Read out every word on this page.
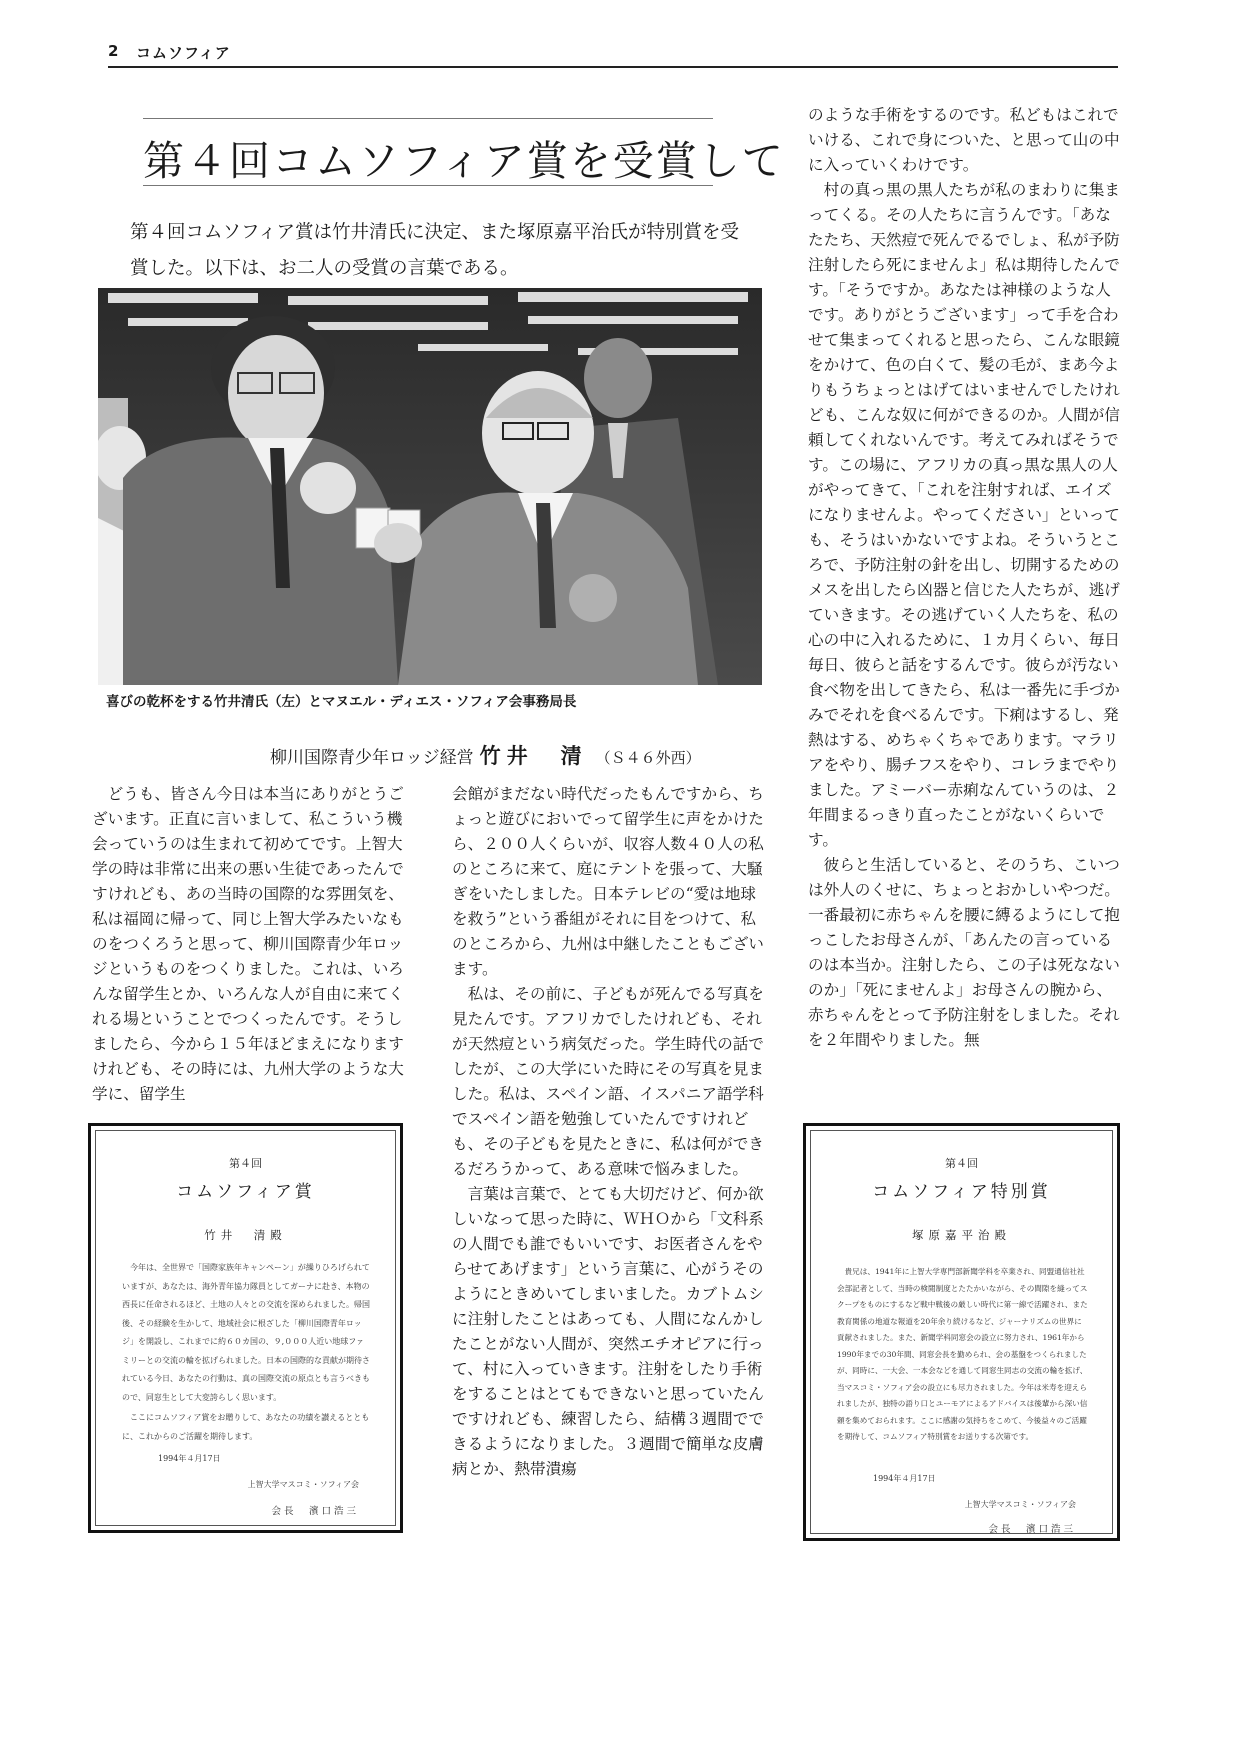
2 コムソフィア
第４回コムソフィア賞を受賞して
第４回コムソフィア賞は竹井清氏に決定、また塚原嘉平治氏が特別賞を受賞した。以下は、お二人の受賞の言葉である。
喜びの乾杯をする竹井清氏（左）とマヌエル・ディエス・ソフィア会事務局長
柳川国際青少年ロッジ経営 竹井　清 （Ｓ４６外西）

どうも、皆さん今日は本当にありがとうございます。正直に言いまして、私こういう機会っていうのは生まれて初めてです。上智大学の時は非常に出来の悪い生徒であったんですけれども、あの当時の国際的な雰囲気を、私は福岡に帰って、同じ上智大学みたいなものをつくろうと思って、柳川国際青少年ロッジというものをつくりました。これは、いろんな留学生とか、いろんな人が自由に来てくれる場ということでつくったんです。そうしましたら、今から１５年ほどまえになりますけれども、その時には、九州大学のような大学に、留学生

会館がまだない時代だったもんですから、ちょっと遊びにおいでって留学生に声をかけたら、２００人くらいが、収容人数４０人の私のところに来て、庭にテントを張って、大騒ぎをいたしました。日本テレビの“愛は地球を救う”という番組がそれに目をつけて、私のところから、九州は中継したこともございます。

私は、その前に、子どもが死んでる写真を見たんです。アフリカでしたけれども、それが天然痘という病気だった。学生時代の話でしたが、この大学にいた時にその写真を見ました。私は、スペイン語、イスパニア語学科でスペイン語を勉強していたんですけれども、その子どもを見たときに、私は何ができるだろうかって、ある意味で悩みました。

言葉は言葉で、とても大切だけど、何か欲しいなって思った時に、ＷＨＯから「文科系の人間でも誰でもいいです、お医者さんをやらせてあげます」という言葉に、心がうそのようにときめいてしまいました。カブトムシに注射したことはあっても、人間になんかしたことがない人間が、突然エチオピアに行って、村に入っていきます。注射をしたり手術をすることはとてもできないと思っていたんですけれども、練習したら、結構３週間でできるようになりました。３週間で簡単な皮膚病とか、熱帯潰瘍

のような手術をするのです。私どもはこれでいける、これで身についた、と思って山の中に入っていくわけです。

村の真っ黒の黒人たちが私のまわりに集まってくる。その人たちに言うんです。「あなたたち、天然痘で死んでるでしょ、私が予防注射したら死にませんよ」私は期待したんです。「そうですか。あなたは神様のような人です。ありがとうございます」って手を合わせて集まってくれると思ったら、こんな眼鏡をかけて、色の白くて、髪の毛が、まあ今よりもうちょっとはげてはいませんでしたけれども、こんな奴に何ができるのか。人間が信頼してくれないんです。考えてみればそうです。この場に、アフリカの真っ黒な黒人の人がやってきて、「これを注射すれば、エイズになりませんよ。やってください」といっても、そうはいかないですよね。そういうところで、予防注射の針を出し、切開するためのメスを出したら凶器と信じた人たちが、逃げていきます。その逃げていく人たちを、私の心の中に入れるために、１カ月くらい、毎日毎日、彼らと話をするんです。彼らが汚ない食べ物を出してきたら、私は一番先に手づかみでそれを食べるんです。下痢はするし、発熱はする、めちゃくちゃであります。マラリアをやり、腸チフスをやり、コレラまでやりました。アミーバー赤痢なんていうのは、２年間まるっきり直ったことがないくらいです。

彼らと生活していると、そのうち、こいつは外人のくせに、ちょっとおかしいやつだ。一番最初に赤ちゃんを腰に縛るようにして抱っこしたお母さんが、「あんたの言っているのは本当か。注射したら、この子は死なないのか」「死にませんよ」お母さんの腕から、赤ちゃんをとって予防注射をしました。それを２年間やりました。無

第４回
コムソフィア賞
竹井　清殿
今年は、全世界で「国際家族年キャンペーン」が繰りひろげられていますが、あなたは、海外青年協力隊員としてガーナに赴き、本物の西長に任命されるほど、土地の人々との交流を深められました。帰国後、その経験を生かして、地域社会に根ざした「柳川国際青年ロッジ」を開設し、これまでに約６０カ国の、９,０００人近い地球ファミリーとの交流の輪を拡げられました。日本の国際的な貢献が期待されている今日、あなたの行動は、真の国際交流の原点とも言うべきもので、同窓生として大変誇らしく思います。
ここにコムソフィア賞をお贈りして、あなたの功績を讃えるとともに、これからのご活躍を期待します。
1994年４月17日
上智大学マスコミ・ソフィア会
会長　濱口浩三
第４回
コムソフィア特別賞
塚原嘉平治殿
貴兄は、1941年に上智大学専門部新聞学科を卒業され、同盟通信社社会部記者として、当時の検閲制度とたたかいながら、その間隙を縫ってスクープをものにするなど戦中戦後の厳しい時代に第一線で活躍され、また教育関係の地道な報道を20年余り続けるなど、ジャーナリズムの世界に貢献されました。また、新聞学科同窓会の設立に努力され、1961年から1990年までの30年間、同窓会長を勤められ、会の基盤をつくられましたが、同時に、一大会、一本会などを通して同窓生同志の交流の輪を拡げ、当マスコミ・ソフィア会の設立にも尽力されました。今年は米寿を迎えられましたが、独特の語り口とユーモアによるアドバイスは後輩から深い信頼を集めておられます。ここに感謝の気持ちをこめて、今後益々のご活躍を期待して、コムソフィア特別賞をお送りする次第です。
1994年４月17日
上智大学マスコミ・ソフィア会
会長　濱口浩三
